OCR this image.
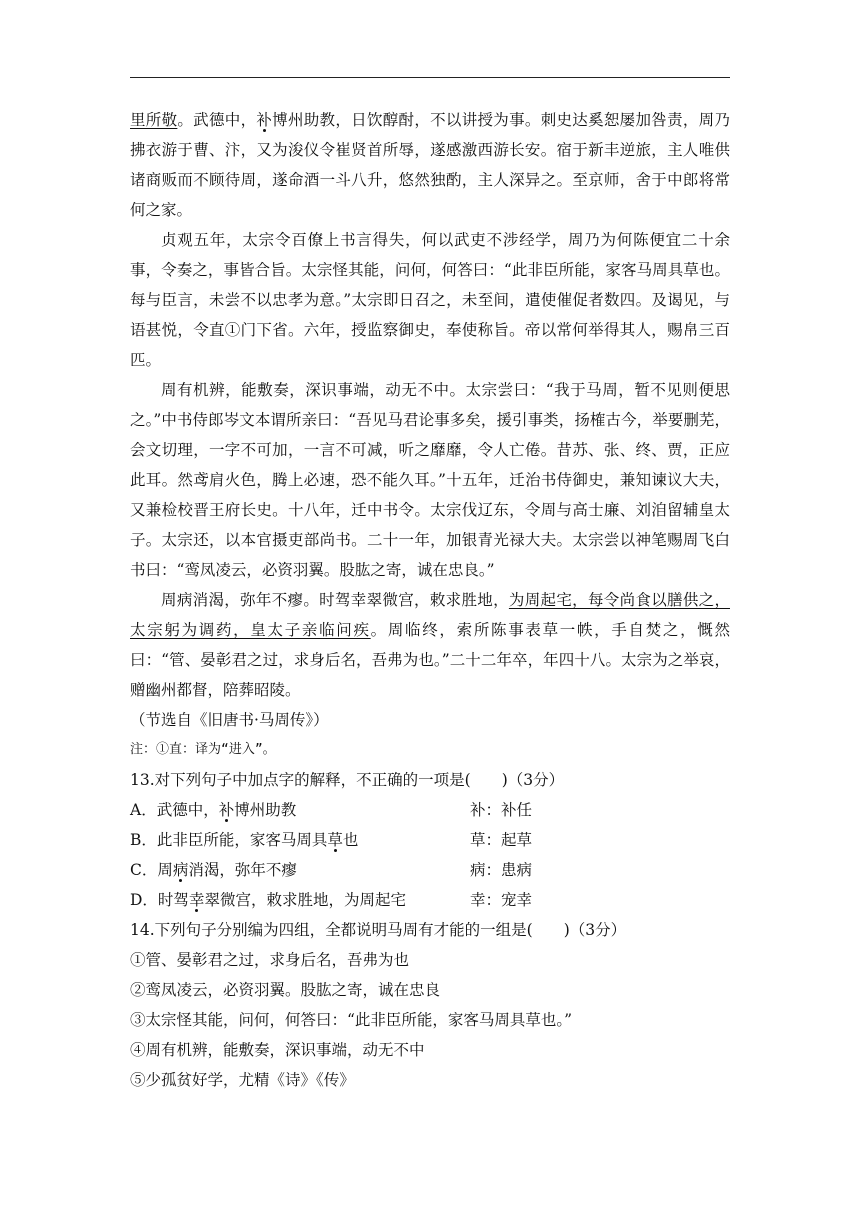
里所敬。武德中，补博州助教，日饮醇酎，不以讲授为事。刺史达奚恕屡加咎责，周乃拂衣游于曹、汴，又为浚仪令崔贤首所辱，遂感激西游长安。宿于新丰逆旅，主人唯供诸商贩而不顾待周，遂命酒一斗八升，悠然独酌，主人深异之。至京师，舍于中郎将常何之家。

贞观五年，太宗令百僚上书言得失，何以武吏不涉经学，周乃为何陈便宜二十余事，令奏之，事皆合旨。太宗怪其能，问何，何答曰：“此非臣所能，家客马周具草也。每与臣言，未尝不以忠孝为意。”太宗即日召之，未至间，遣使催促者数四。及谒见，与语甚悦，令直①门下省。六年，授监察御史，奉使称旨。帝以常何举得其人，赐帛三百匹。

周有机辨，能敷奏，深识事端，动无不中。太宗尝曰：“我于马周，暂不见则便思之。”中书侍郎岑文本谓所亲曰：“吾见马君论事多矣，援引事类，扬榷古今，举要删芜，会文切理，一字不可加，一言不可减，听之靡靡，令人亡倦。昔苏、张、终、贾，正应此耳。然鸢肩火色，腾上必速，恐不能久耳。”十五年，迁治书侍御史，兼知谏议大夫，又兼检校晋王府长史。十八年，迁中书令。太宗伐辽东，令周与高士廉、刘洎留辅皇太子。太宗还，以本官摄吏部尚书。二十一年，加银青光禄大夫。太宗尝以神笔赐周飞白书曰：“鸾凤凌云，必资羽翼。股肱之寄，诚在忠良。”

周病消渴，弥年不瘳。时驾幸翠微宫，敕求胜地，为周起宅，每令尚食以膳供之，太宗躬为调药，皇太子亲临问疾。周临终，索所陈事表草一帙，手自焚之，慨然曰：“管、晏彰君之过，求身后名，吾弗为也。”二十二年卒，年四十八。太宗为之举哀，赠幽州都督，陪葬昭陵。

（节选自《旧唐书·马周传》）

注：①直：译为“进入”。

13.对下列句子中加点字的解释，不正确的一项是(　　)（3分）

A．武德中，补博州助教	补：补任

B．此非臣所能，家客马周具草也	草：起草

C．周病消渴，弥年不瘳	病：患病

D．时驾幸翠微宫，敕求胜地，为周起宅	幸：宠幸

14.下列句子分别编为四组，全都说明马周有才能的一组是(　　)（3分）

①管、晏彰君之过，求身后名，吾弗为也

②鸾凤凌云，必资羽翼。股肱之寄，诚在忠良

③太宗怪其能，问何，何答曰：“此非臣所能，家客马周具草也。”

④周有机辨，能敷奏，深识事端，动无不中

⑤少孤贫好学，尤精《诗》《传》
